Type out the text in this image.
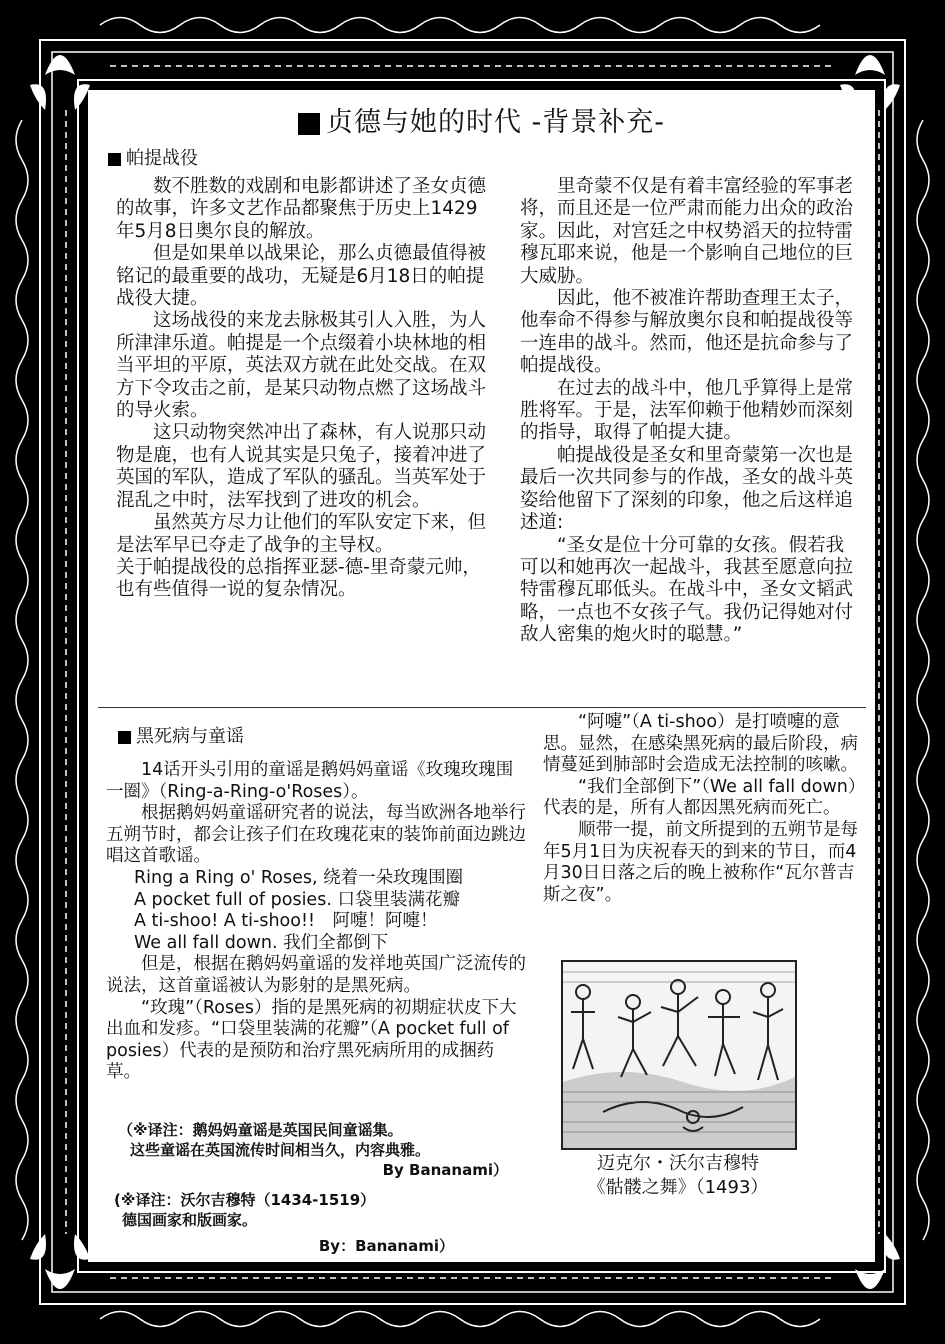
贞德与她的时代 -背景补充-
帕提战役

数不胜数的戏剧和电影都讲述了圣女贞德的故事，许多文艺作品都聚焦于历史上1429年5月8日奥尔良的解放。

但是如果单以战果论，那么贞德最值得被铭记的最重要的战功，无疑是6月18日的帕提战役大捷。

这场战役的来龙去脉极其引人入胜，为人所津津乐道。帕提是一个点缀着小块林地的相当平坦的平原，英法双方就在此处交战。在双方下令攻击之前，是某只动物点燃了这场战斗的导火索。

这只动物突然冲出了森林，有人说那只动物是鹿，也有人说其实是只兔子，接着冲进了英国的军队，造成了军队的骚乱。当英军处于混乱之中时，法军找到了进攻的机会。

虽然英方尽力让他们的军队安定下来，但是法军早已夺走了战争的主导权。

关于帕提战役的总指挥亚瑟-德-里奇蒙元帅，也有些值得一说的复杂情况。

里奇蒙不仅是有着丰富经验的军事老将，而且还是一位严肃而能力出众的政治家。因此，对宫廷之中权势滔天的拉特雷穆瓦耶来说，他是一个影响自己地位的巨大威胁。

因此，他不被准许帮助查理王太子，他奉命不得参与解放奥尔良和帕提战役等一连串的战斗。然而，他还是抗命参与了帕提战役。

在过去的战斗中，他几乎算得上是常胜将军。于是，法军仰赖于他精妙而深刻的指导，取得了帕提大捷。

帕提战役是圣女和里奇蒙第一次也是最后一次共同参与的作战，圣女的战斗英姿给他留下了深刻的印象，他之后这样追述道:

“圣女是位十分可靠的女孩。假若我可以和她再次一起战斗，我甚至愿意向拉特雷穆瓦耶低头。在战斗中，圣女文韬武略，一点也不女孩子气。我仍记得她对付敌人密集的炮火时的聪慧。”

黑死病与童谣

14话开头引用的童谣是鹅妈妈童谣《玫瑰玫瑰围一圈》（Ring-a-Ring-o'Roses）。

根据鹅妈妈童谣研究者的说法，每当欧洲各地举行五朔节时，都会让孩子们在玫瑰花束的装饰前面边跳边唱这首歌谣。

Ring a Ring o' Roses, 绕着一朵玫瑰围圈

A pocket full of posies. 口袋里装满花瓣

A ti-shoo! A ti-shoo!!　阿嚏！阿嚏！

We all fall down. 我们全都倒下

但是，根据在鹅妈妈童谣的发祥地英国广泛流传的说法，这首童谣被认为影射的是黑死病。

“玫瑰”（Roses）指的是黑死病的初期症状皮下大出血和发疹。“口袋里装满的花瓣”（A pocket full of posies）代表的是预防和治疗黑死病所用的成捆药草。

（※译注：鹅妈妈童谣是英国民间童谣集。
这些童谣在英国流传时间相当久，内容典雅。
By Bananami）
(※译注：沃尔吉穆特（1434-1519）
德国画家和版画家。
By：Bananami）

“阿嚏”（A ti-shoo）是打喷嚏的意思。显然，在感染黑死病的最后阶段，病情蔓延到肺部时会造成无法控制的咳嗽。

“我们全部倒下”（We all fall down）代表的是，所有人都因黑死病而死亡。

顺带一提，前文所提到的五朔节是每年5月1日为庆祝春天的到来的节日，而4月30日日落之后的晚上被称作“瓦尔普吉斯之夜”。

迈克尔・沃尔吉穆特
《骷髅之舞》（1493）
